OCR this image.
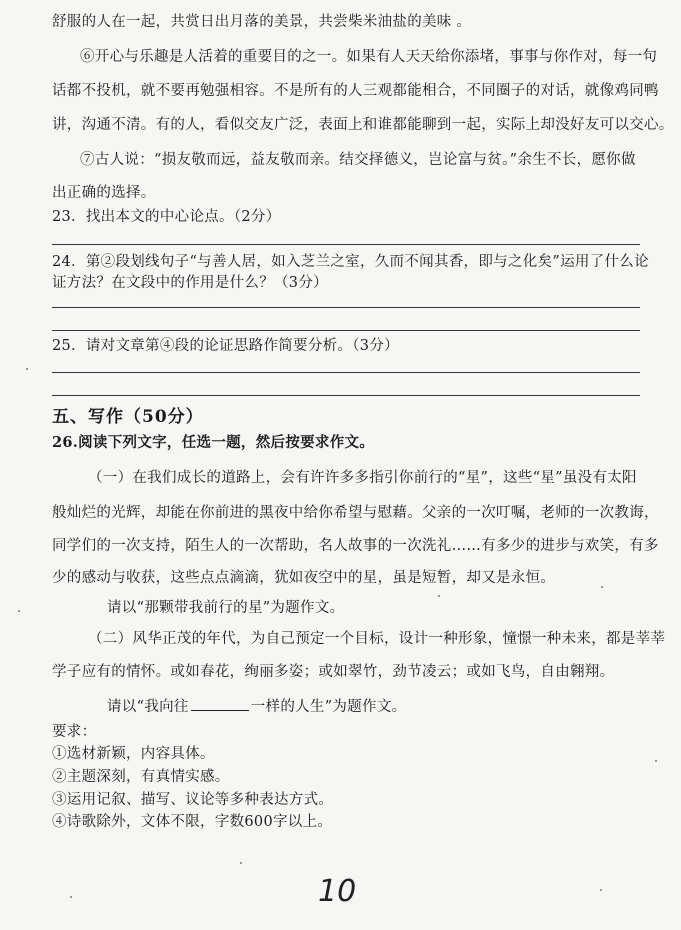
舒服的人在一起，共赏日出月落的美景，共尝柴米油盐的美味 。
⑥开心与乐趣是人活着的重要目的之一。如果有人天天给你添堵，事事与你作对，每一句
话都不投机，就不要再勉强相容。不是所有的人三观都能相合，不同圈子的对话，就像鸡同鸭
讲，沟通不清。有的人，看似交友广泛，表面上和谁都能聊到一起，实际上却没好友可以交心。
⑦古人说：“损友敬而远，益友敬而亲。结交择德义，岂论富与贫。”余生不长，愿你做
出正确的选择。
23．找出本文的中心论点。（2分）
24．第②段划线句子“与善人居，如入芝兰之室，久而不闻其香，即与之化矣”运用了什么论
证方法？在文段中的作用是什么？（3分）
25．请对文章第④段的论证思路作简要分析。（3分）
五、写作（50分）
26.阅读下列文字，任选一题，然后按要求作文。
（一）在我们成长的道路上，会有许许多多指引你前行的“星”，这些“星”虽没有太阳
般灿烂的光辉，却能在你前进的黑夜中给你希望与慰藉。父亲的一次叮嘱，老师的一次教诲，
同学们的一次支持，陌生人的一次帮助，名人故事的一次洗礼……有多少的进步与欢笑，有多
少的感动与收获，这些点点滴滴，犹如夜空中的星，虽是短暂，却又是永恒。
请以“那颗带我前行的星”为题作文。
（二）风华正茂的年代，为自己预定一个目标，设计一种形象，憧憬一种未来，都是莘莘
学子应有的情怀。或如春花，绚丽多姿；或如翠竹，劲节凌云；或如飞鸟，自由翱翔。
请以“我向往	一样的人生”为题作文。
要求：
①选材新颖，内容具体。
②主题深刻，有真情实感。
③运用记叙、描写、议论等多种表达方式。
④诗歌除外，文体不限，字数600字以上。
10
